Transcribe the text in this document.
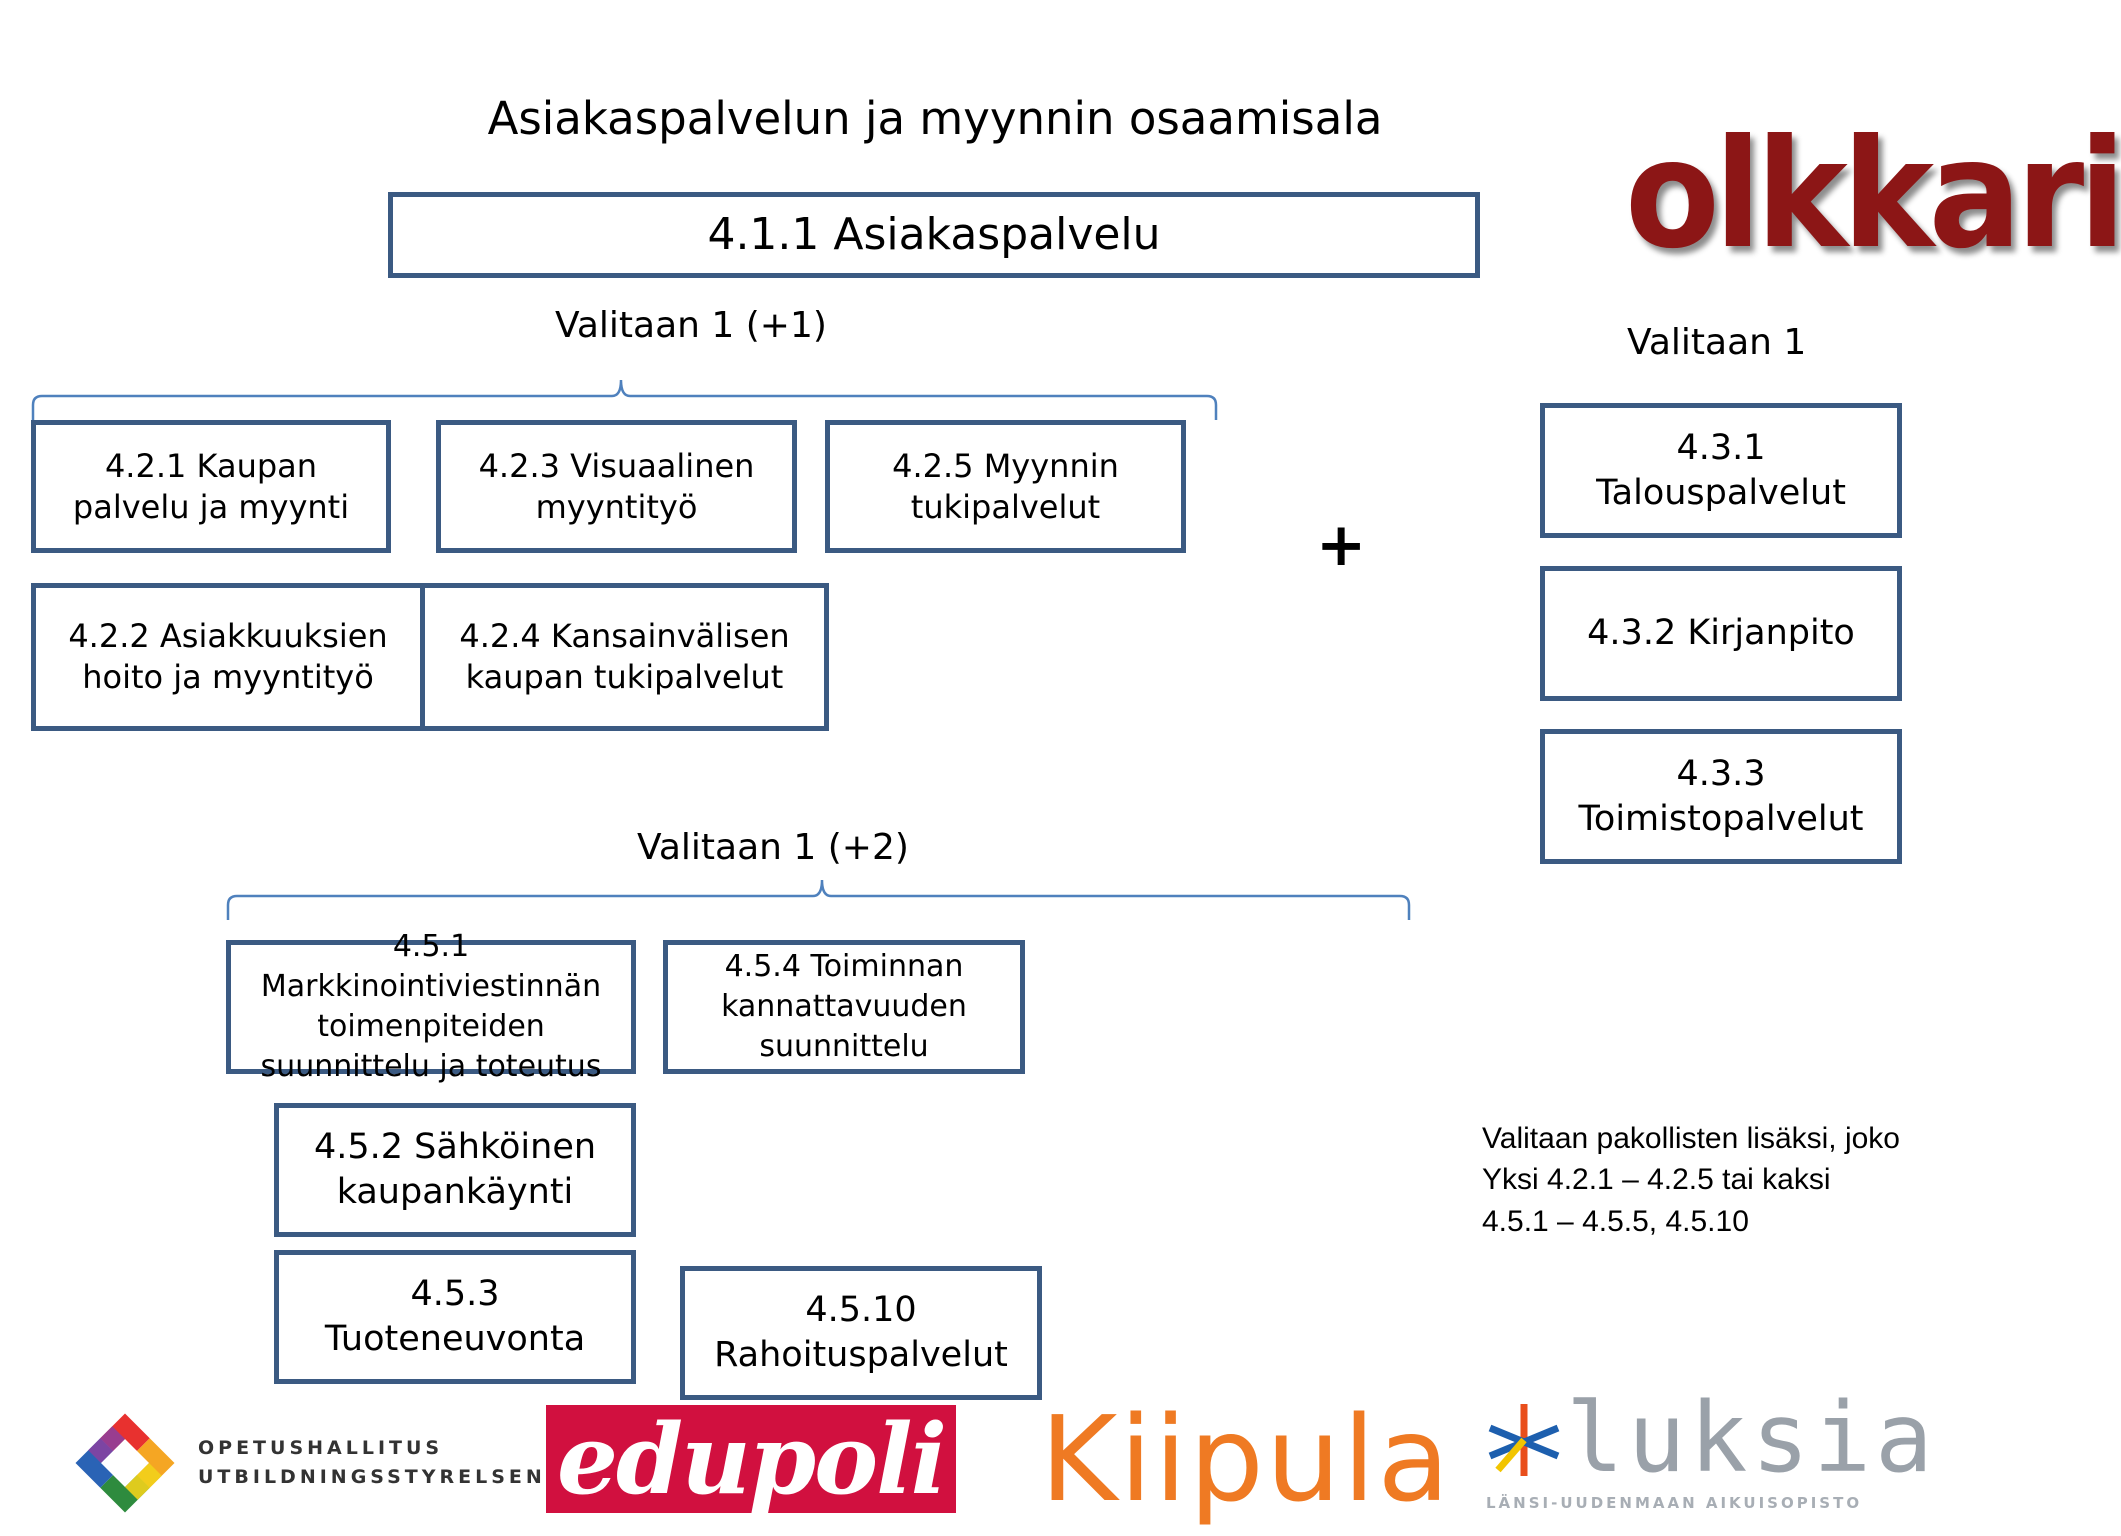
Asiakaspalvelun ja myynnin osaamisala
4.1.1 Asiakaspalvelu
Valitaan 1 (+1)
4.2.1 Kaupan
palvelu ja myynti
4.2.3 Visuaalinen
myyntityö
4.2.5 Myynnin
tukipalvelut
4.2.2 Asiakkuuksien
hoito ja myyntityö
4.2.4 Kansainvälisen
kaupan tukipalvelut
+
Valitaan 1
4.3.1
Talouspalvelut
4.3.2 Kirjanpito
4.3.3
Toimistopalvelut
Valitaan 1 (+2)
4.5.1
Markkinointiviestinnän
toimenpiteiden
suunnittelu ja toteutus
4.5.4 Toiminnan
kannattavuuden
suunnittelu
4.5.2 Sähköinen
kaupankäynti
4.5.3
Tuoteneuvonta
4.5.10
Rahoituspalvelut
Valitaan pakollisten lisäksi, joko
Yksi 4.2.1 – 4.2.5 tai kaksi
4.5.1 – 4.5.5, 4.5.10
olkkari
OPETUSHALLITUS
UTBILDNINGSSTYRELSEN edupoli Kiipula luksia
LÄNSI-UUDENMAAN AIKUISOPISTO
